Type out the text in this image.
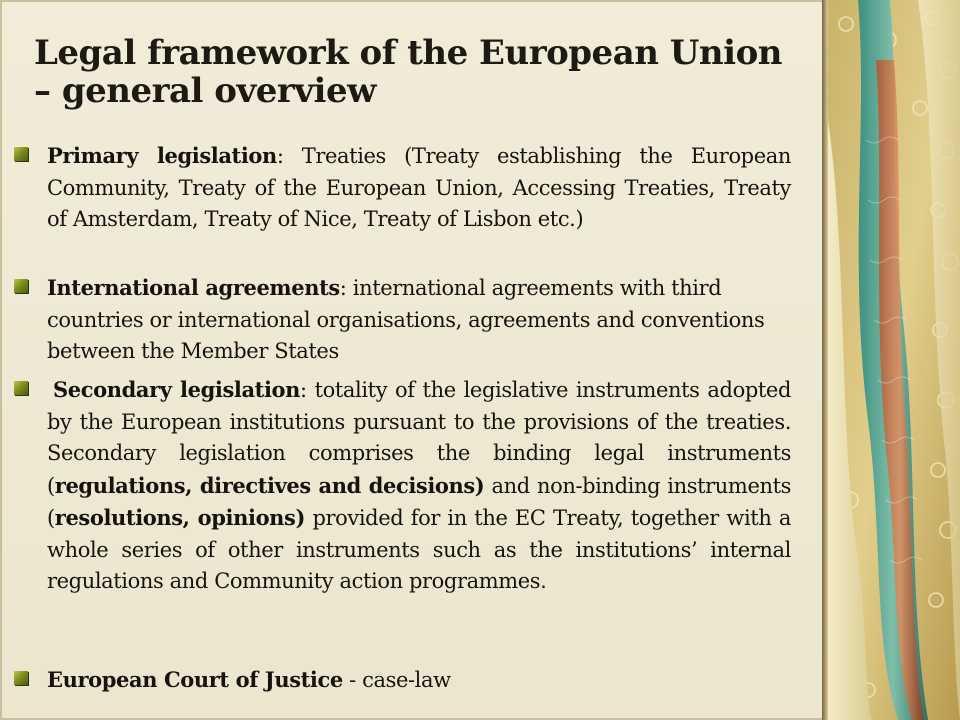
Legal framework of the European Union – general overview
Primary legislation: Treaties (Treaty establishing the European Community, Treaty of the European Union, Accessing Treaties, Treaty of Amsterdam, Treaty of Nice, Treaty of Lisbon etc.)
International agreements: international agreements with third countries or international organisations, agreements and conventions between the Member States
Secondary legislation: totality of the legislative instruments adopted by the European institutions pursuant to the provisions of the treaties. Secondary legislation comprises the binding legal instruments (regulations, directives and decisions) and non-binding instruments (resolutions, opinions) provided for in the EC Treaty, together with a whole series of other instruments such as the institutions’ internal regulations and Community action programmes.
European Court of Justice - case-law
